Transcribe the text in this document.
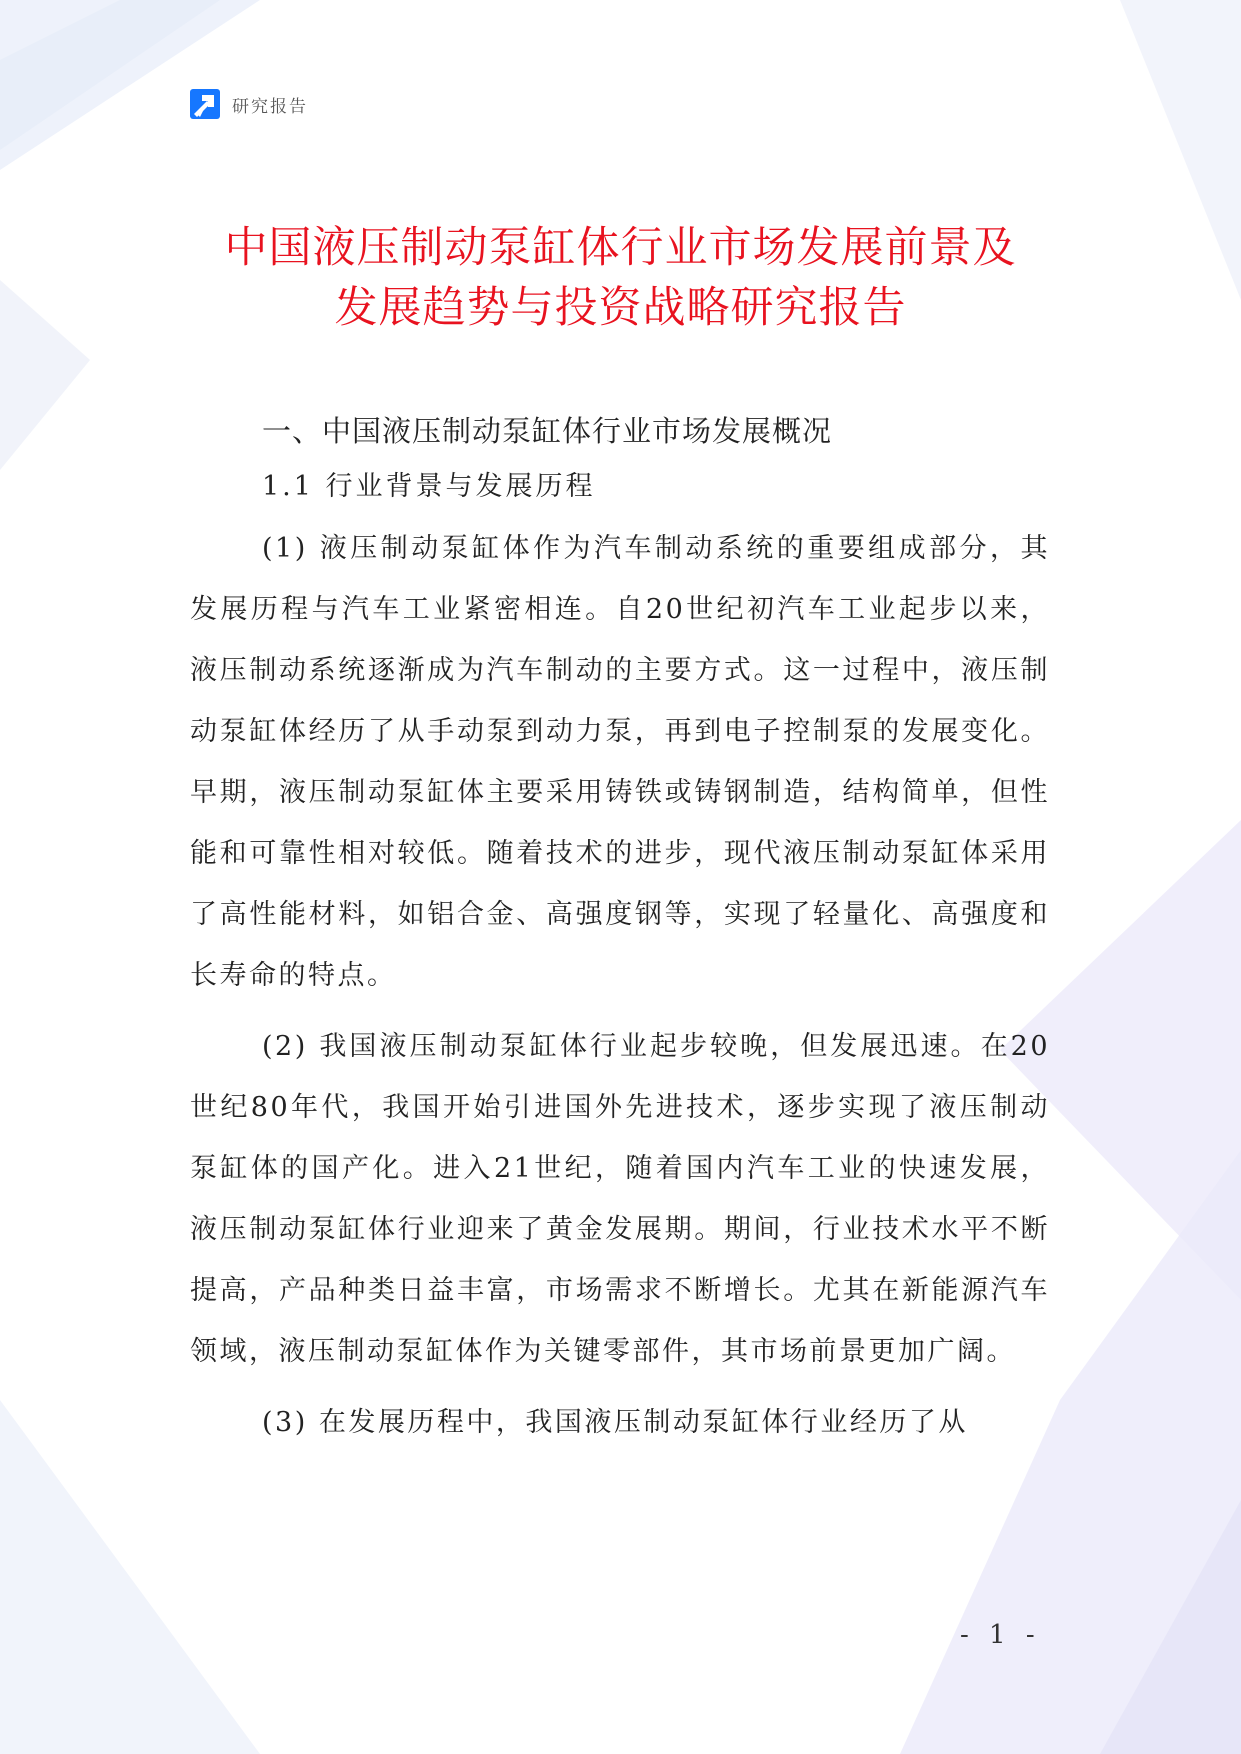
研究报告
中国液压制动泵缸体行业市场发展前景及
发展趋势与投资战略研究报告
一、中国液压制动泵缸体行业市场发展概况
1.1 行业背景与发展历程

(1) 液压制动泵缸体作为汽车制动系统的重要组成部分，其发展历程与汽车工业紧密相连。自20世纪初汽车工业起步以来，液压制动系统逐渐成为汽车制动的主要方式。这一过程中，液压制动泵缸体经历了从手动泵到动力泵，再到电子控制泵的发展变化。早期，液压制动泵缸体主要采用铸铁或铸钢制造，结构简单，但性能和可靠性相对较低。随着技术的进步，现代液压制动泵缸体采用了高性能材料，如铝合金、高强度钢等，实现了轻量化、高强度和长寿命的特点。

(2) 我国液压制动泵缸体行业起步较晚，但发展迅速。在20世纪80年代，我国开始引进国外先进技术，逐步实现了液压制动泵缸体的国产化。进入21世纪，随着国内汽车工业的快速发展，液压制动泵缸体行业迎来了黄金发展期。期间，行业技术水平不断提高，产品种类日益丰富，市场需求不断增长。尤其在新能源汽车领域，液压制动泵缸体作为关键零部件，其市场前景更加广阔。

(3) 在发展历程中，我国液压制动泵缸体行业经历了从

- 1 -
